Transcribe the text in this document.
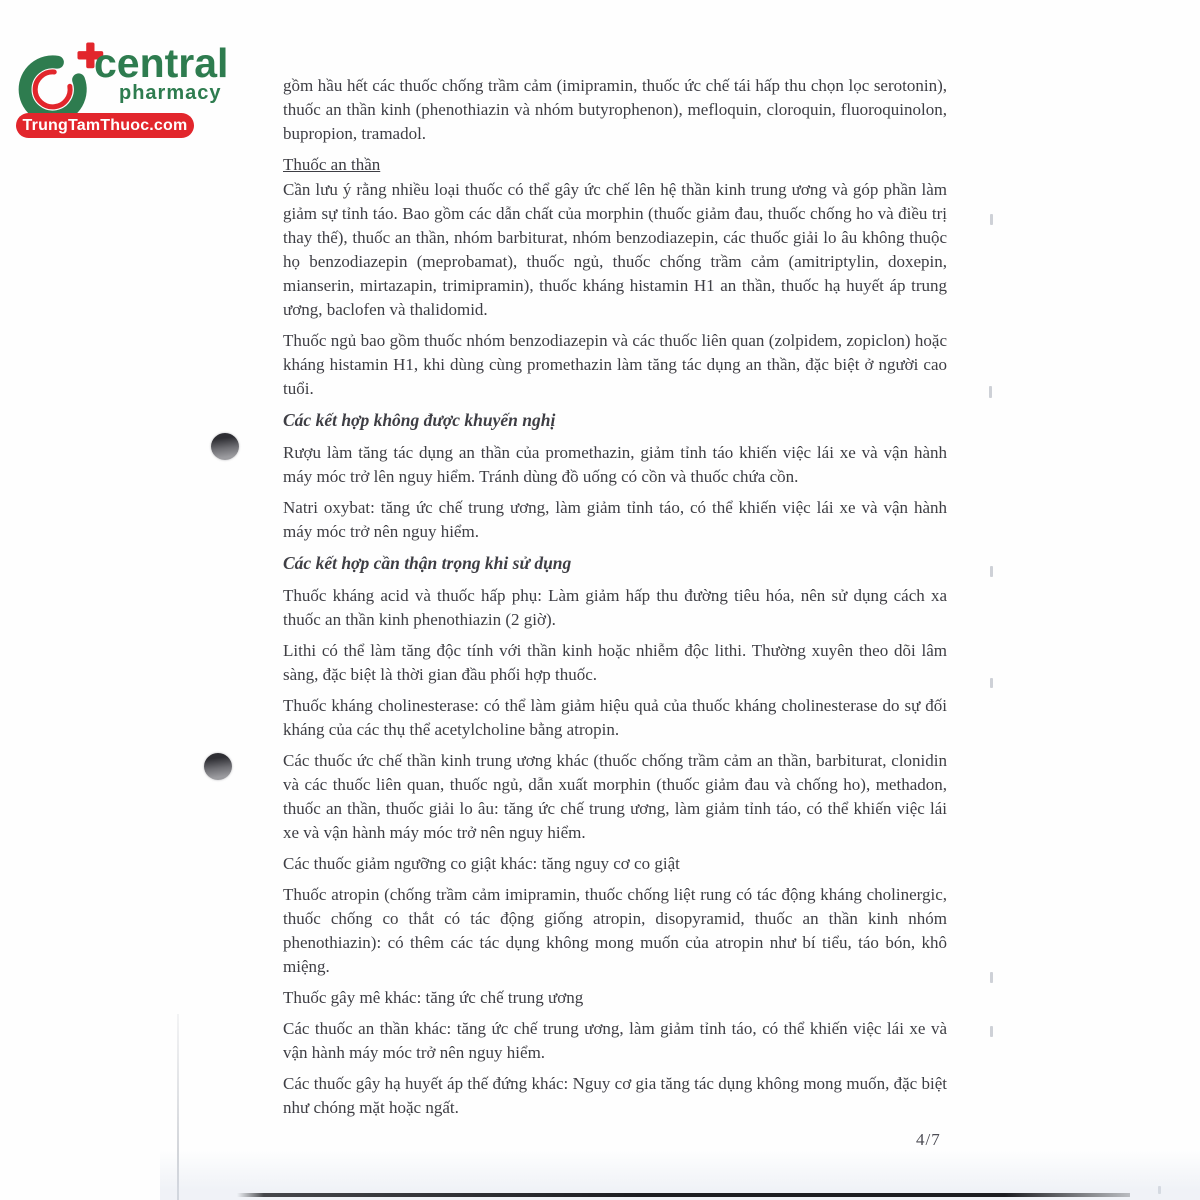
central
pharmacy
TrungTamThuoc.com

gồm hầu hết các thuốc chống trầm cảm (imipramin, thuốc ức chế tái hấp thu chọn lọc serotonin), thuốc an thần kinh (phenothiazin và nhóm butyrophenon), mefloquin, cloroquin, fluoroquinolon, bupropion, tramadol.

Thuốc an thần

Cần lưu ý rằng nhiều loại thuốc có thể gây ức chế lên hệ thần kinh trung ương và góp phần làm giảm sự tỉnh táo. Bao gồm các dẫn chất của morphin (thuốc giảm đau, thuốc chống ho và điều trị thay thế), thuốc an thần, nhóm barbiturat, nhóm benzodiazepin, các thuốc giải lo âu không thuộc họ benzodiazepin (meprobamat), thuốc ngủ, thuốc chống trầm cảm (amitriptylin, doxepin, mianserin, mirtazapin, trimipramin), thuốc kháng histamin H1 an thần, thuốc hạ huyết áp trung ương, baclofen và thalidomid.

Thuốc ngủ bao gồm thuốc nhóm benzodiazepin và các thuốc liên quan (zolpidem, zopiclon) hoặc kháng histamin H1, khi dùng cùng promethazin làm tăng tác dụng an thần, đặc biệt ở người cao tuổi.

Các kết hợp không được khuyến nghị

Rượu làm tăng tác dụng an thần của promethazin, giảm tỉnh táo khiến việc lái xe và vận hành máy móc trở lên nguy hiểm. Tránh dùng đồ uống có cồn và thuốc chứa cồn.

Natri oxybat: tăng ức chế trung ương, làm giảm tỉnh táo, có thể khiến việc lái xe và vận hành máy móc trở nên nguy hiểm.

Các kết hợp cần thận trọng khi sử dụng

Thuốc kháng acid và thuốc hấp phụ: Làm giảm hấp thu đường tiêu hóa, nên sử dụng cách xa thuốc an thần kinh phenothiazin (2 giờ).

Lithi có thể làm tăng độc tính với thần kinh hoặc nhiễm độc lithi. Thường xuyên theo dõi lâm sàng, đặc biệt là thời gian đầu phối hợp thuốc.

Thuốc kháng cholinesterase: có thể làm giảm hiệu quả của thuốc kháng cholinesterase do sự đối kháng của các thụ thể acetylcholine bằng atropin.

Các thuốc ức chế thần kinh trung ương khác (thuốc chống trầm cảm an thần, barbiturat, clonidin và các thuốc liên quan, thuốc ngủ, dẫn xuất morphin (thuốc giảm đau và chống ho), methadon, thuốc an thần, thuốc giải lo âu: tăng ức chế trung ương, làm giảm tỉnh táo, có thể khiến việc lái xe và vận hành máy móc trở nên nguy hiểm.

Các thuốc giảm ngưỡng co giật khác: tăng nguy cơ co giật

Thuốc atropin (chống trầm cảm imipramin, thuốc chống liệt rung có tác động kháng cholinergic, thuốc chống co thắt có tác động giống atropin, disopyramid, thuốc an thần kinh nhóm phenothiazin): có thêm các tác dụng không mong muốn của atropin như bí tiểu, táo bón, khô miệng.

Thuốc gây mê khác: tăng ức chế trung ương

Các thuốc an thần khác: tăng ức chế trung ương, làm giảm tỉnh táo, có thể khiến việc lái xe và vận hành máy móc trở nên nguy hiểm.

Các thuốc gây hạ huyết áp thế đứng khác: Nguy cơ gia tăng tác dụng không mong muốn, đặc biệt như chóng mặt hoặc ngất.

4/7
